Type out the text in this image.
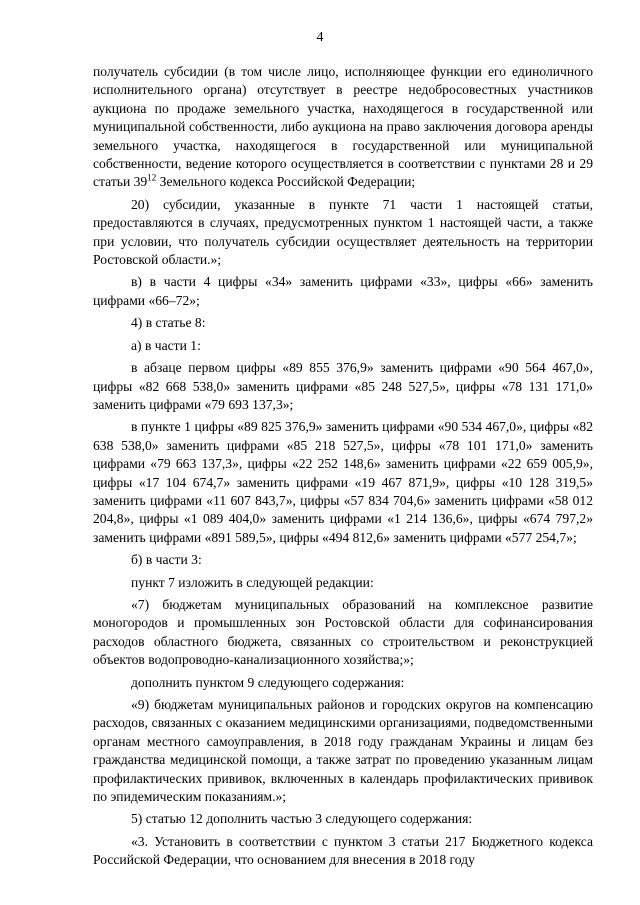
4

получатель субсидии (в том числе лицо, исполняющее функции его единоличного исполнительного органа) отсутствует в реестре недобросовестных участников аукциона по продаже земельного участка, находящегося в государственной или муниципальной собственности, либо аукциона на право заключения договора аренды земельного участка, находящегося в государственной или муниципальной собственности, ведение которого осуществляется в соответствии с пунктами 28 и 29 статьи $39^{12}$ Земельного кодекса Российской Федерации;

20) субсидии, указанные в пункте 71 части 1 настоящей статьи, предоставляются в случаях, предусмотренных пунктом 1 настоящей части, а также при условии, что получатель субсидии осуществляет деятельность на территории Ростовской области.»;

в) в части 4 цифры «34» заменить цифрами «33», цифры «66» заменить цифрами «66–72»;

4) в статье 8:

а) в части 1:

в абзаце первом цифры «89 855 376,9» заменить цифрами «90 564 467,0», цифры «82 668 538,0» заменить цифрами «85 248 527,5», цифры «78 131 171,0» заменить цифрами «79 693 137,3»;

в пункте 1 цифры «89 825 376,9» заменить цифрами «90 534 467,0», цифры «82 638 538,0» заменить цифрами «85 218 527,5», цифры «78 101 171,0» заменить цифрами «79 663 137,3», цифры «22 252 148,6» заменить цифрами «22 659 005,9», цифры «17 104 674,7» заменить цифрами «19 467 871,9», цифры «10 128 319,5» заменить цифрами «11 607 843,7», цифры «57 834 704,6» заменить цифрами «58 012 204,8», цифры «1 089 404,0» заменить цифрами «1 214 136,6», цифры «674 797,2» заменить цифрами «891 589,5», цифры «494 812,6» заменить цифрами «577 254,7»;

б) в части 3:

пункт 7 изложить в следующей редакции:

«7) бюджетам муниципальных образований на комплексное развитие моногородов и промышленных зон Ростовской области для софинансирования расходов областного бюджета, связанных со строительством и реконструкцией объектов водопроводно-канализационного хозяйства;»;

дополнить пунктом 9 следующего содержания:

«9) бюджетам муниципальных районов и городских округов на компенсацию расходов, связанных с оказанием медицинскими организациями, подведомственными органам местного самоуправления, в 2018 году гражданам Украины и лицам без гражданства медицинской помощи, а также затрат по проведению указанным лицам профилактических прививок, включенных в календарь профилактических прививок по эпидемическим показаниям.»;

5) статью 12 дополнить частью 3 следующего содержания:

«3. Установить в соответствии с пунктом 3 статьи 217 Бюджетного кодекса Российской Федерации, что основанием для внесения в 2018 году
